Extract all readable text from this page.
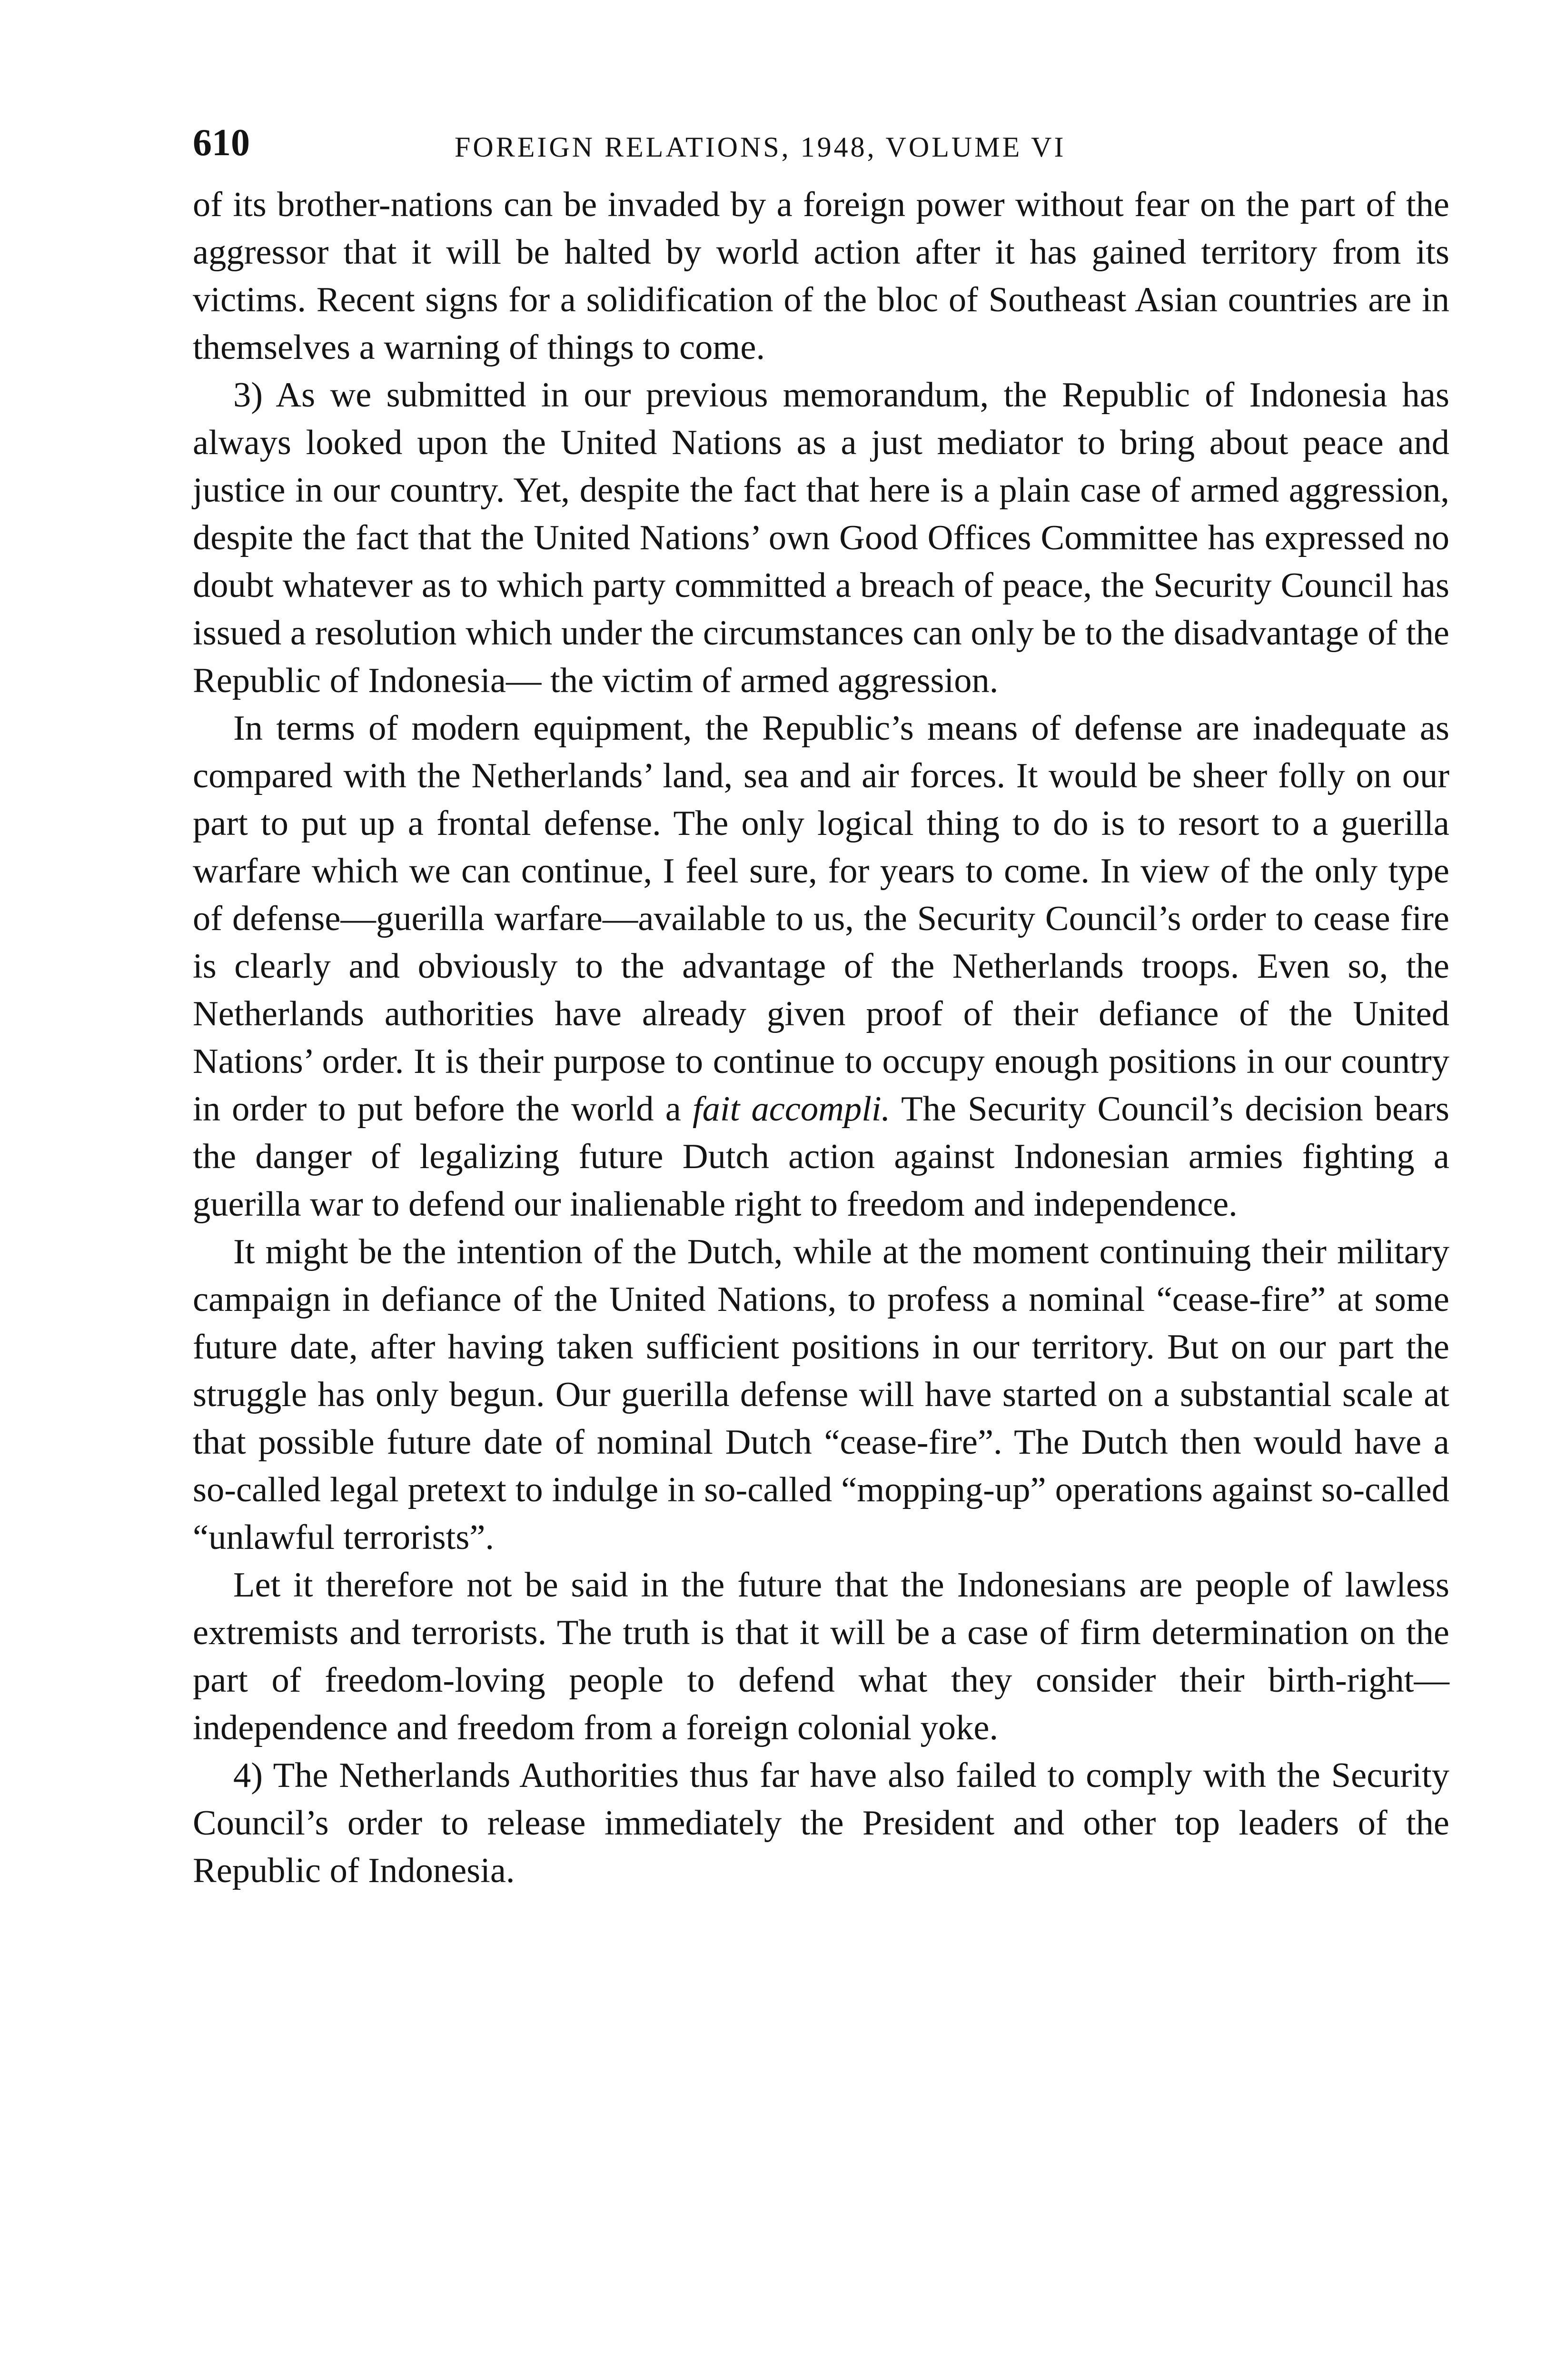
610	FOREIGN RELATIONS, 1948, VOLUME VI

of its brother-nations can be invaded by a foreign power without fear on the part of the aggressor that it will be halted by world action after it has gained territory from its victims. Recent signs for a solidification of the bloc of Southeast Asian countries are in themselves a warning of things to come.

3) As we submitted in our previous memorandum, the Republic of Indonesia has always looked upon the United Nations as a just mediator to bring about peace and justice in our country. Yet, despite the fact that here is a plain case of armed aggression, despite the fact that the United Nations’ own Good Offices Committee has expressed no doubt whatever as to which party committed a breach of peace, the Security Council has issued a resolution which under the circumstances can only be to the disadvantage of the Republic of Indonesia— the victim of armed aggression.

In terms of modern equipment, the Republic’s means of defense are inadequate as compared with the Netherlands’ land, sea and air forces. It would be sheer folly on our part to put up a frontal defense. The only logical thing to do is to resort to a guerilla warfare which we can continue, I feel sure, for years to come. In view of the only type of defense—guerilla warfare—available to us, the Security Council’s order to cease fire is clearly and obviously to the advantage of the Netherlands troops. Even so, the Netherlands authorities have already given proof of their defiance of the United Nations’ order. It is their purpose to continue to occupy enough positions in our country in order to put before the world a fait accompli. The Security Council’s decision bears the danger of legalizing future Dutch action against Indonesian armies fighting a guerilla war to defend our inalienable right to freedom and independence.

It might be the intention of the Dutch, while at the moment continuing their military campaign in defiance of the United Nations, to profess a nominal “cease-fire” at some future date, after having taken sufficient positions in our territory. But on our part the struggle has only begun. Our guerilla defense will have started on a substantial scale at that possible future date of nominal Dutch “cease-fire”. The Dutch then would have a so-called legal pretext to indulge in so-called “mopping-up” operations against so-called “unlawful terrorists”.

Let it therefore not be said in the future that the Indonesians are people of lawless extremists and terrorists. The truth is that it will be a case of firm determination on the part of freedom-loving people to defend what they consider their birth-right—independence and freedom from a foreign colonial yoke.

4) The Netherlands Authorities thus far have also failed to comply with the Security Council’s order to release immediately the President and other top leaders of the Republic of Indonesia.
